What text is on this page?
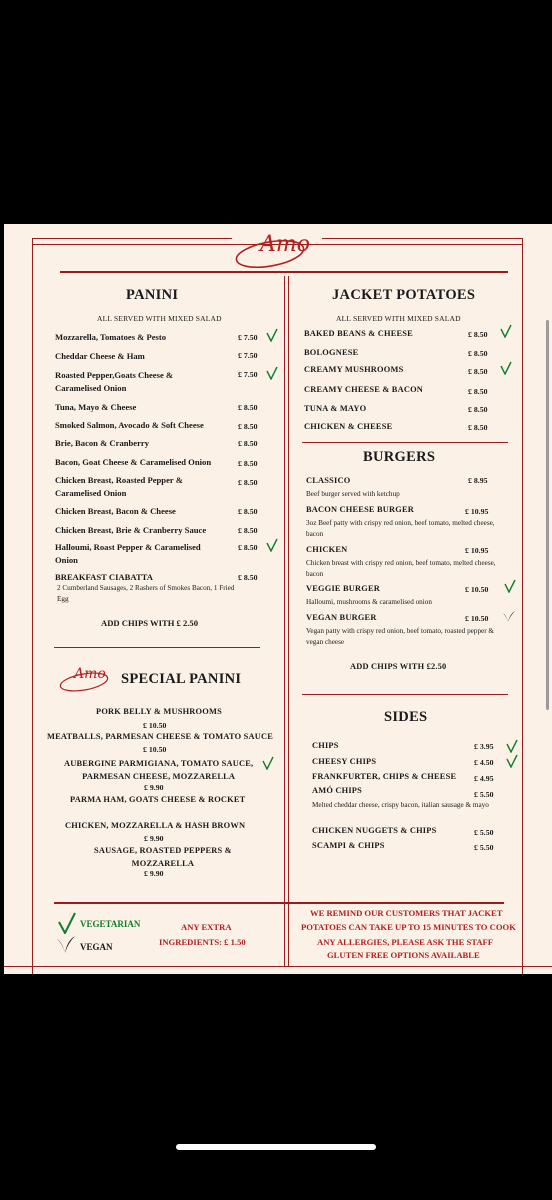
Amo
PANINI
ALL SERVED WITH MIXED SALAD
Mozzarella, Tomatoes & Pesto	£ 7.50
Cheddar Cheese & Ham	£ 7.50
Roasted Pepper,Goats Cheese &
Caramelised Onion
£ 7.50
Tuna, Mayo & Cheese	£ 8.50
Smoked Salmon, Avocado & Soft Cheese	£ 8.50
Brie, Bacon & Cranberry	£ 8.50
Bacon, Goat Cheese & Caramelised Onion	£ 8.50
Chicken Breast, Roasted Pepper &
Caramelised Onion
£ 8.50
Chicken Breast, Bacon & Cheese	£ 8.50
Chicken Breast, Brie & Cranberry Sauce	£ 8.50
Halloumi, Roast Pepper & Caramelised
Onion
£ 8.50
BREAKFAST CIABATTA	£ 8.50
2 Cumberland Sausages, 2 Rashers of Smokes Bacon, 1 Fried Egg
ADD CHIPS WITH £ 2.50
Amo SPECIAL PANINI
PORK BELLY & MUSHROOMS
£ 10.50
MEATBALLS, PARMESAN CHEESE & TOMATO SAUCE
£ 10.50
AUBERGINE PARMIGIANA, TOMATO SAUCE,
PARMESAN CHEESE, MOZZARELLA
£ 9.90
PARMA HAM, GOATS CHEESE & ROCKET
CHICKEN, MOZZARELLA & HASH BROWN
£ 9.90
SAUSAGE, ROASTED PEPPERS &
MOZZARELLA
£ 9.90
JACKET POTATOES
ALL SERVED WITH MIXED SALAD
BAKED BEANS & CHEESE	£ 8.50
BOLOGNESE	£ 8.50
CREAMY MUSHROOMS	£ 8.50
CREAMY CHEESE & BACON	£ 8.50
TUNA & MAYO	£ 8.50
CHICKEN & CHEESE	£ 8.50
BURGERS
CLASSICO	£ 8.95
Beef burger served with ketchup
BACON CHEESE BURGER	£ 10.95
3oz Beef patty with crispy red onion, beef tomato, melted cheese, bacon
CHICKEN	£ 10.95
Chicken breast with crispy red onion, beef tomato, melted cheese, bacon
VEGGIE BURGER	£ 10.50
Halloumi, mushrooms & caramelised onion
VEGAN BURGER	£ 10.50
Vegan patty with crispy red onion, beef tomato, roasted pepper & vegan cheese
ADD CHIPS WITH £2.50
SIDES
CHIPS	£ 3.95
CHEESY CHIPS	£ 4.50
FRANKFURTER, CHIPS & CHEESE £ 4.95
AMÓ CHIPS	£ 5.50
Melted cheddar cheese, crispy bacon, italian sausage & mayo
CHICKEN NUGGETS & CHIPS	£ 5.50
SCAMPI & CHIPS	£ 5.50
VEGETARIAN
VEGAN
ANY EXTRA
INGREDIENTS: £ 1.50
WE REMIND OUR CUSTOMERS THAT JACKET
POTATOES CAN TAKE UP TO 15 MINUTES TO COOK
ANY ALLERGIES, PLEASE ASK THE STAFF
GLUTEN FREE OPTIONS AVAILABLE
